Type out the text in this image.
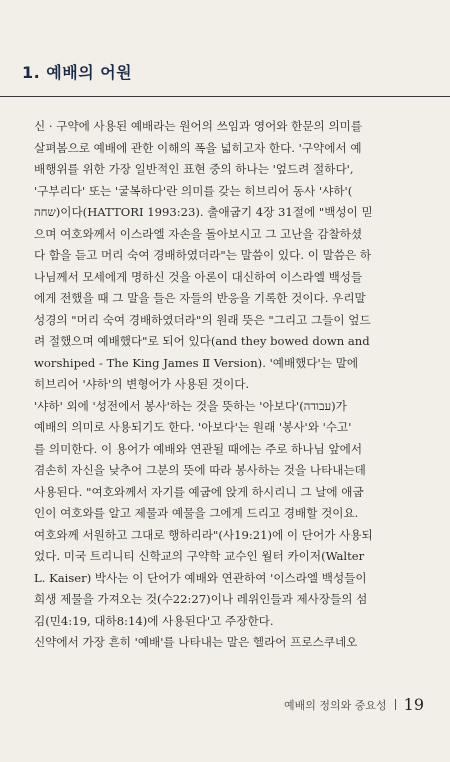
1. 예배의 어원
신 · 구약에 사용된 예배라는 원어의 쓰임과 영어와 한문의 의미를
살펴봄으로 예배에 관한 이해의 폭을 넓히고자 한다. '구약에서 예
배행위를 위한 가장 일반적인 표현 중의 하나는 '엎드려 절하다',
'구부리다' 또는 '굴복하다'란 의미를 갖는 히브리어 동사 '샤하'(
שחה)이다(HATTORI 1993:23). 출애굽기 4장 31절에 "백성이 믿
으며 여호와께서 이스라엘 자손을 돌아보시고 그 고난을 감찰하셨
다 함을 듣고 머리 숙여 경배하였더라"는 말씀이 있다. 이 말씀은 하
나님께서 모세에게 명하신 것을 아론이 대신하여 이스라엘 백성들
에게 전했을 때 그 말을 들은 자들의 반응을 기록한 것이다. 우리말
성경의 "머리 숙여 경배하였더라"의 원래 뜻은 "그리고 그들이 엎드
려 절했으며 예배했다"로 되어 있다(and they bowed down and
worshiped - The King James Ⅱ Version). '예배했다'는 말에
히브리어 '샤하'의 변형어가 사용된 것이다.
'샤하' 외에 '성전에서 봉사'하는 것을 뜻하는 '아보다'(עבודה)가
예배의 의미로 사용되기도 한다. '아보다'는 원래 '봉사'와 '수고'
를 의미한다. 이 용어가 예배와 연관될 때에는 주로 하나님 앞에서
겸손히 자신을 낮추어 그분의 뜻에 따라 봉사하는 것을 나타내는데
사용된다. "여호와께서 자기를 예굽에 앉게 하시리니 그 날에 애굽
인이 여호와를 알고 제물과 예물을 그에게 드리고 경배할 것이요.
여호와께 서원하고 그대로 행하리라"(사19:21)에 이 단어가 사용되
었다. 미국 트리니티 신학교의 구약학 교수인 월터 카이저(Walter
L. Kaiser) 박사는 이 단어가 예배와 연관하여 '이스라엘 백성들이
희생 제물을 가져오는 것(수22:27)이나 레위인들과 제사장들의 섬
김(민4:19, 대하8:14)에 사용된다'고 주장한다.
신약에서 가장 흔히 '예배'를 나타내는 말은 헬라어 프로스쿠네오
예배의 정의와 중요성 19
